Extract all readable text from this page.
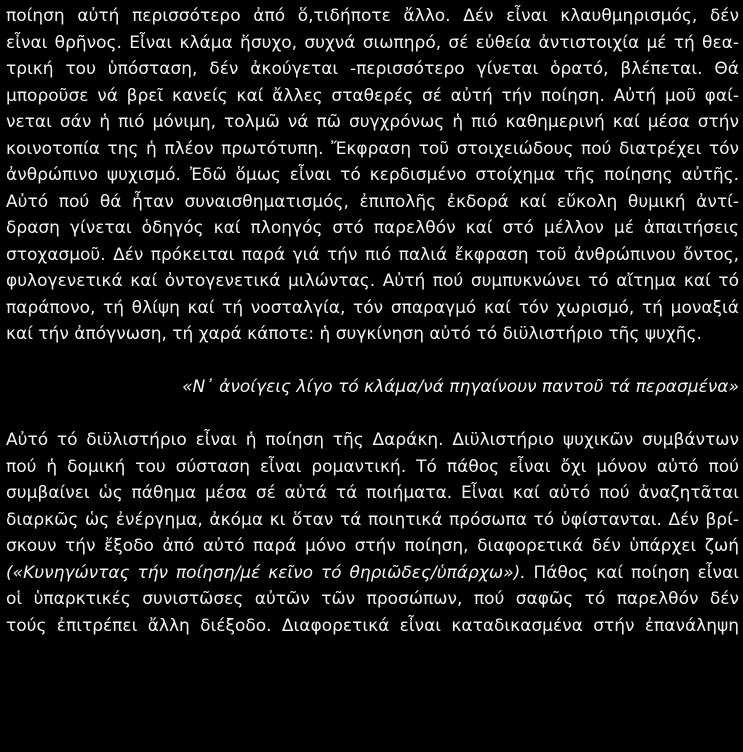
ποίηση αὐτή περισσότερο ἀπό ὅ,τιδήποτε ἄλλο. Δέν εἶναι κλαυθμηρισμός, δέν
εἶναι θρῆνος. Εἶναι κλάμα ἥσυχο, συχνά σιωπηρό, σέ εὐθεία ἀντιστοιχία μέ τή θεα-
τρική του ὑπόσταση, δέν ἀκούγεται -περισσότερο γίνεται ὁρατό, βλέπεται. Θά
μποροῦσε νά βρεῖ κανείς καί ἄλλες σταθερές σέ αὐτή τήν ποίηση. Αὐτή μοῦ φαί-
νεται σάν ἡ πιό μόνιμη, τολμῶ νά πῶ συγχρόνως ἡ πιό καθημερινή καί μέσα στήν
κοινοτοπία της ἡ πλέον πρωτότυπη. Ἔκφραση τοῦ στοιχειώδους πού διατρέχει τόν
ἀνθρώπινο ψυχισμό. Ἐδῶ ὅμως εἶναι τό κερδισμένο στοίχημα τῆς ποίησης αὐτῆς.
Αὐτό πού θά ἦταν συναισθηματισμός, ἐπιπολῆς ἐκδορά καί εὔκολη θυμική ἀντί-
δραση γίνεται ὁδηγός καί πλοηγός στό παρελθόν καί στό μέλλον μέ ἀπαιτήσεις
στοχασμοῦ. Δέν πρόκειται παρά γιά τήν πιό παλιά ἔκφραση τοῦ ἀνθρώπινου ὄντος,
φυλογενετικά καί ὀντογενετικά μιλώντας. Αὐτή πού συμπυκνώνει τό αἴτημα καί τό
παράπονο, τή θλίψη καί τή νοσταλγία, τόν σπαραγμό καί τόν χωρισμό, τή μοναξιά
καί τήν ἀπόγνωση, τή χαρά κάποτε: ἡ συγκίνηση αὐτό τό διϋλιστήριο τῆς ψυχῆς.
«Ν᾽ ἀνοίγεις λίγο τό κλάμα/νά πηγαίνουν παντοῦ τά περασμένα»
Αὐτό τό διϋλιστήριο εἶναι ἡ ποίηση τῆς Δαράκη. Διϋλιστήριο ψυχικῶν συμβάντων
πού ἡ δομική του σύσταση εἶναι ρομαντική. Τό πάθος εἶναι ὄχι μόνον αὐτό πού
συμβαίνει ὡς πάθημα μέσα σέ αὐτά τά ποιήματα. Εἶναι καί αὐτό πού ἀναζητᾶται
διαρκῶς ὡς ἐνέργημα, ἀκόμα κι ὅταν τά ποιητικά πρόσωπα τό ὑφίστανται. Δέν βρί-
σκουν τήν ἔξοδο ἀπό αὐτό παρά μόνο στήν ποίηση, διαφορετικά δέν ὑπάρχει ζωή
(«Κυνηγώντας τήν ποίηση/μέ κεῖνο τό θηριῶδες/ὑπάρχω»). Πάθος καί ποίηση εἶναι
οἱ ὑπαρκτικές συνιστῶσες αὐτῶν τῶν προσώπων, πού σαφῶς τό παρελθόν δέν
τούς ἐπιτρέπει ἄλλη διέξοδο. Διαφορετικά εἶναι καταδικασμένα στήν ἐπανάληψη
